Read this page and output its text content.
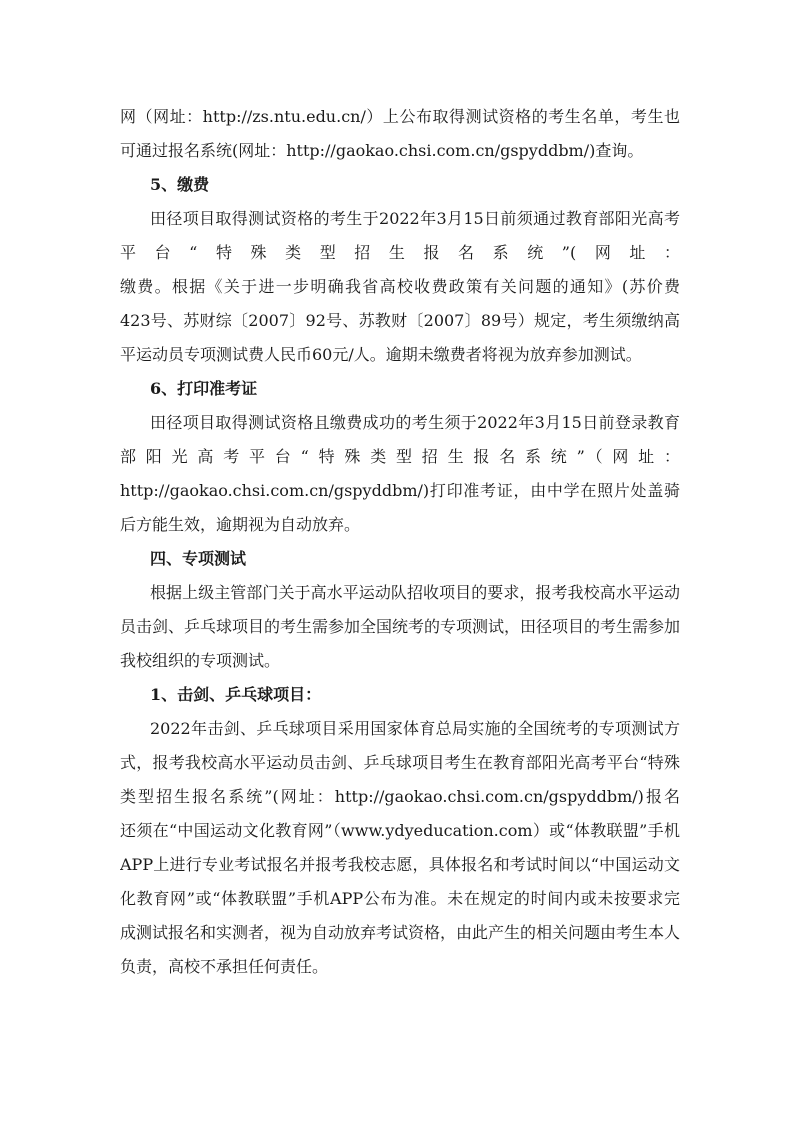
网（网址：http://zs.ntu.edu.cn/）上公布取得测试资格的考生名单，考生也
可通过报名系统(网址：http://gaokao.chsi.com.cn/gspyddbm/)查询。
5、缴费
田径项目取得测试资格的考生于2022年3月15日前须通过教育部阳光高考
平台“特殊类型招生报名系统”(网址：
缴费。根据《关于进一步明确我省高校收费政策有关问题的通知》(苏价费
423号、苏财综〔2007〕92号、苏教财〔2007〕89号）规定，考生须缴纳高
平运动员专项测试费人民币60元/人。逾期未缴费者将视为放弃参加测试。
6、打印准考证
田径项目取得测试资格且缴费成功的考生须于2022年3月15日前登录教育
部阳光高考平台“特殊类型招生报名系统”（网址：
http://gaokao.chsi.com.cn/gspyddbm/)打印准考证，由中学在照片处盖骑
后方能生效，逾期视为自动放弃。
四、专项测试
根据上级主管部门关于高水平运动队招收项目的要求，报考我校高水平运动
员击剑、乒乓球项目的考生需参加全国统考的专项测试，田径项目的考生需参加
我校组织的专项测试。
1、击剑、乒乓球项目：
2022年击剑、乒乓球项目采用国家体育总局实施的全国统考的专项测试方
式，报考我校高水平运动员击剑、乒乓球项目考生在教育部阳光高考平台“特殊
类型招生报名系统”(网址：http://gaokao.chsi.com.cn/gspyddbm/)报名
还须在“中国运动文化教育网”（www.ydyeducation.com）或“体教联盟”手机
APP上进行专业考试报名并报考我校志愿，具体报名和考试时间以“中国运动文
化教育网”或“体教联盟”手机APP公布为准。未在规定的时间内或未按要求完
成测试报名和实测者，视为自动放弃考试资格，由此产生的相关问题由考生本人
负责，高校不承担任何责任。
